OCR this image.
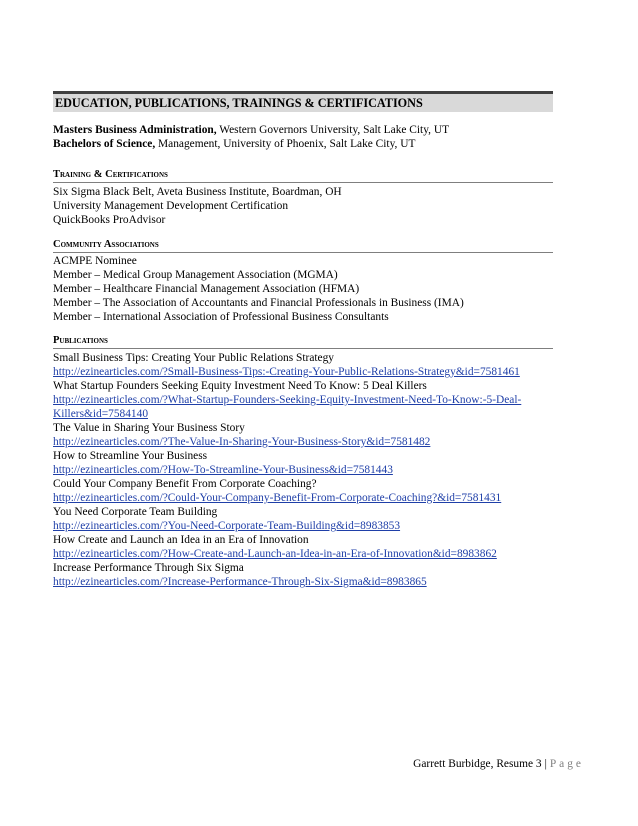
EDUCATION, PUBLICATIONS, TRAININGS & CERTIFICATIONS
Masters Business Administration, Western Governors University, Salt Lake City, UT
Bachelors of Science, Management, University of Phoenix, Salt Lake City, UT
Training & Certifications
Six Sigma Black Belt, Aveta Business Institute, Boardman, OH
University Management Development Certification
QuickBooks ProAdvisor
Community Associations
ACMPE Nominee
Member – Medical Group Management Association (MGMA)
Member – Healthcare Financial Management Association (HFMA)
Member – The Association of Accountants and Financial Professionals in Business (IMA)
Member – International Association of Professional Business Consultants
Publications
Small Business Tips: Creating Your Public Relations Strategy
http://ezinearticles.com/?Small-Business-Tips:-Creating-Your-Public-Relations-Strategy&id=7581461
What Startup Founders Seeking Equity Investment Need To Know: 5 Deal Killers
http://ezinearticles.com/?What-Startup-Founders-Seeking-Equity-Investment-Need-To-Know:-5-Deal-
Killers&id=7584140
The Value in Sharing Your Business Story
http://ezinearticles.com/?The-Value-In-Sharing-Your-Business-Story&id=7581482
How to Streamline Your Business
http://ezinearticles.com/?How-To-Streamline-Your-Business&id=7581443
Could Your Company Benefit From Corporate Coaching?
http://ezinearticles.com/?Could-Your-Company-Benefit-From-Corporate-Coaching?&id=7581431
You Need Corporate Team Building
http://ezinearticles.com/?You-Need-Corporate-Team-Building&id=8983853
How Create and Launch an Idea in an Era of Innovation
http://ezinearticles.com/?How-Create-and-Launch-an-Idea-in-an-Era-of-Innovation&id=8983862
Increase Performance Through Six Sigma
http://ezinearticles.com/?Increase-Performance-Through-Six-Sigma&id=8983865
Garrett Burbidge, Resume 3 | Page
